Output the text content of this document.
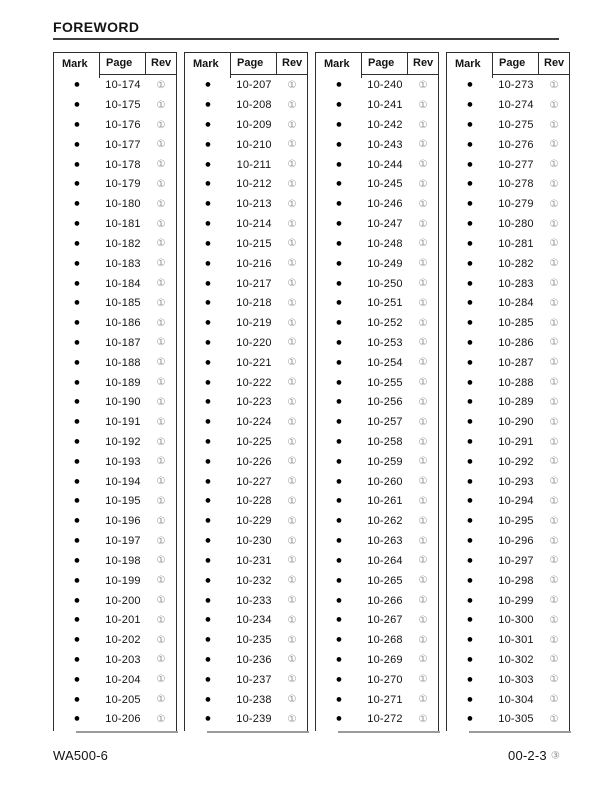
FOREWORD
Mark	Page	Rev
●	10-174	①
●	10-175	①
●	10-176	①
●	10-177	①
●	10-178	①
●	10-179	①
●	10-180	①
●	10-181	①
●	10-182	①
●	10-183	①
●	10-184	①
●	10-185	①
●	10-186	①
●	10-187	①
●	10-188	①
●	10-189	①
●	10-190	①
●	10-191	①
●	10-192	①
●	10-193	①
●	10-194	①
●	10-195	①
●	10-196	①
●	10-197	①
●	10-198	①
●	10-199	①
●	10-200	①
●	10-201	①
●	10-202	①
●	10-203	①
●	10-204	①
●	10-205	①
●	10-206	①
Mark	Page	Rev
●	10-207	①
●	10-208	①
●	10-209	①
●	10-210	①
●	10-211	①
●	10-212	①
●	10-213	①
●	10-214	①
●	10-215	①
●	10-216	①
●	10-217	①
●	10-218	①
●	10-219	①
●	10-220	①
●	10-221	①
●	10-222	①
●	10-223	①
●	10-224	①
●	10-225	①
●	10-226	①
●	10-227	①
●	10-228	①
●	10-229	①
●	10-230	①
●	10-231	①
●	10-232	①
●	10-233	①
●	10-234	①
●	10-235	①
●	10-236	①
●	10-237	①
●	10-238	①
●	10-239	①
Mark	Page	Rev
●	10-240	①
●	10-241	①
●	10-242	①
●	10-243	①
●	10-244	①
●	10-245	①
●	10-246	①
●	10-247	①
●	10-248	①
●	10-249	①
●	10-250	①
●	10-251	①
●	10-252	①
●	10-253	①
●	10-254	①
●	10-255	①
●	10-256	①
●	10-257	①
●	10-258	①
●	10-259	①
●	10-260	①
●	10-261	①
●	10-262	①
●	10-263	①
●	10-264	①
●	10-265	①
●	10-266	①
●	10-267	①
●	10-268	①
●	10-269	①
●	10-270	①
●	10-271	①
●	10-272	①
Mark	Page	Rev
●	10-273	①
●	10-274	①
●	10-275	①
●	10-276	①
●	10-277	①
●	10-278	①
●	10-279	①
●	10-280	①
●	10-281	①
●	10-282	①
●	10-283	①
●	10-284	①
●	10-285	①
●	10-286	①
●	10-287	①
●	10-288	①
●	10-289	①
●	10-290	①
●	10-291	①
●	10-292	①
●	10-293	①
●	10-294	①
●	10-295	①
●	10-296	①
●	10-297	①
●	10-298	①
●	10-299	①
●	10-300	①
●	10-301	①
●	10-302	①
●	10-303	①
●	10-304	①
●	10-305	①
WA500-6	00-2-3 ③
